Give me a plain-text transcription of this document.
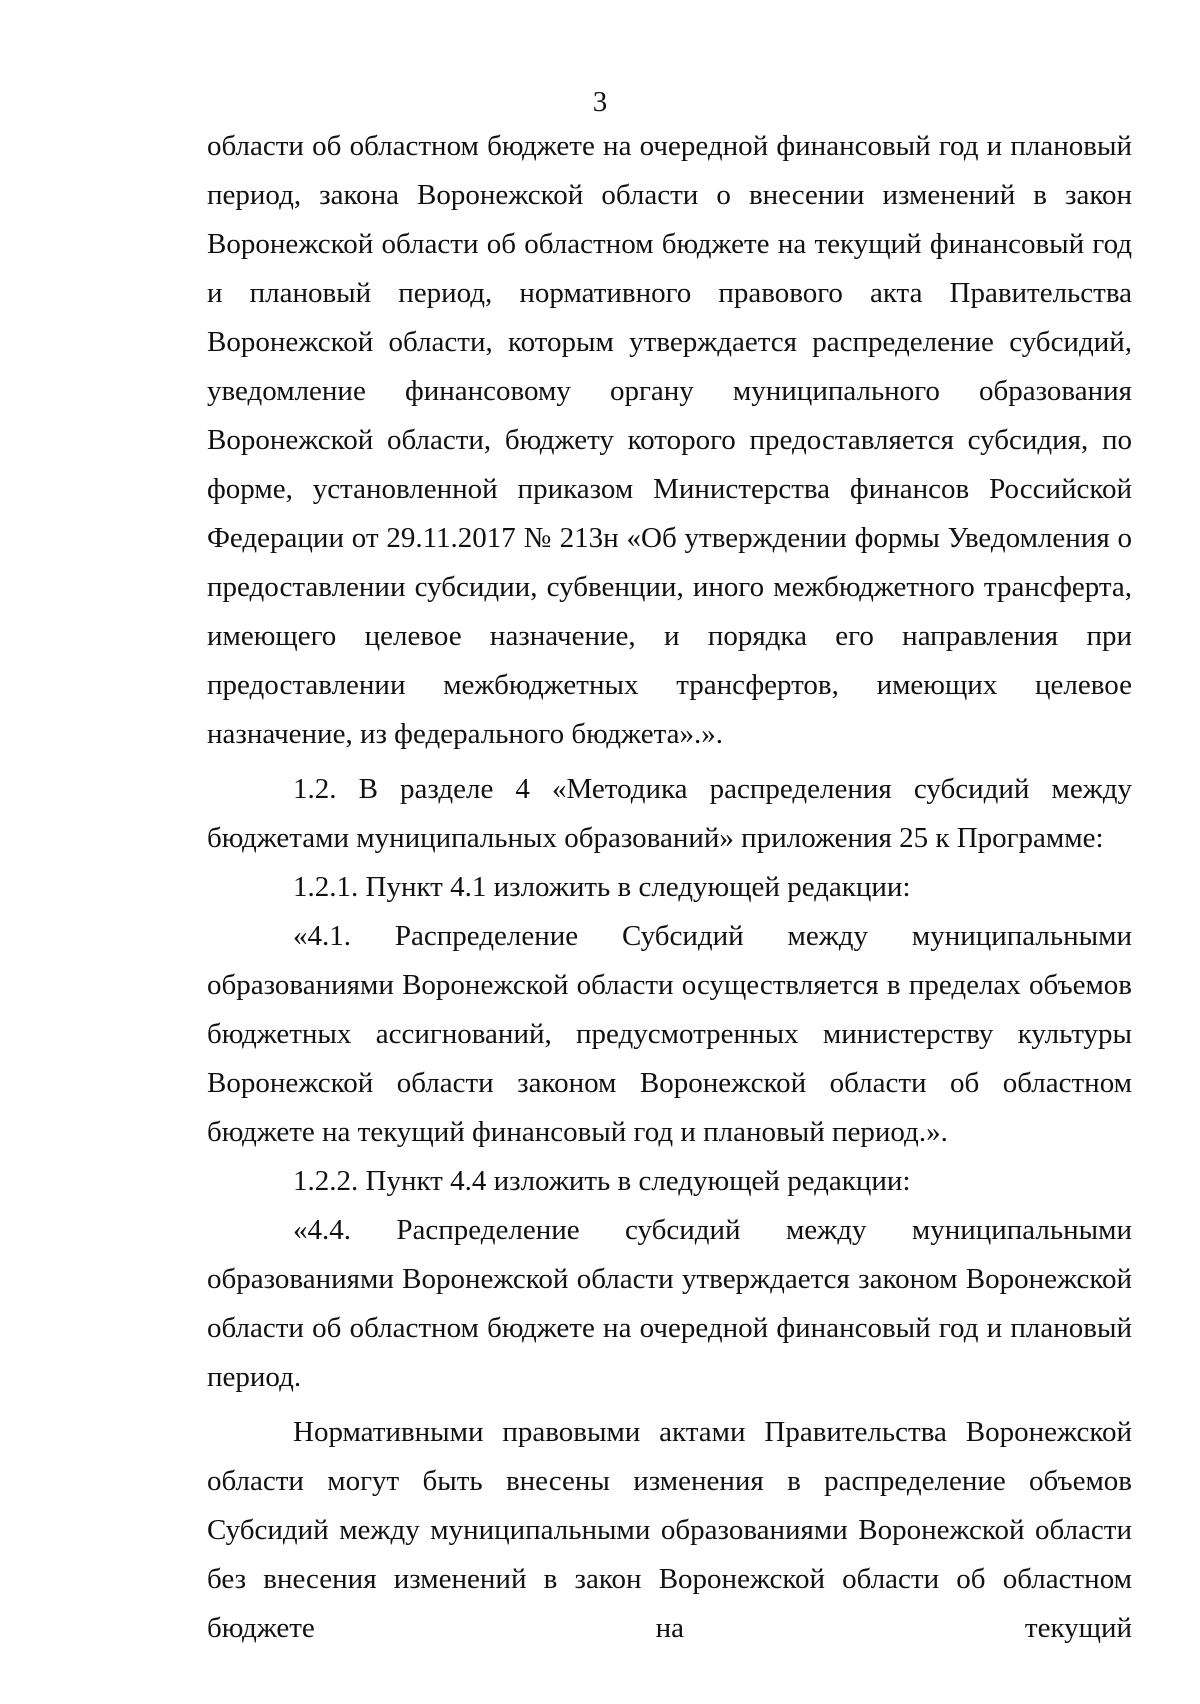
3

области об областном бюджете на очередной финансовый год и плановый период, закона Воронежской области о внесении изменений в закон Воронежской области об областном бюджете на текущий финансовый год и плановый период, нормативного правового акта Правительства Воронежской области, которым утверждается распределение субсидий, уведомление финансовому органу муниципального образования Воронежской области, бюджету которого предоставляется субсидия, по форме, установленной приказом Министерства финансов Российской Федерации от 29.11.2017 № 213н «Об утверждении формы Уведомления о предоставлении субсидии, субвенции, иного межбюджетного трансферта, имеющего целевое назначение, и порядка его направления при предоставлении межбюджетных трансфертов, имеющих целевое назначение, из федерального бюджета».».

1.2. В разделе 4 «Методика распределения субсидий между бюджетами муниципальных образований» приложения 25 к Программе:

1.2.1. Пункт 4.1 изложить в следующей редакции:

«4.1. Распределение Субсидий между муниципальными образованиями Воронежской области осуществляется в пределах объемов бюджетных ассигнований, предусмотренных министерству культуры Воронежской области законом Воронежской области об областном бюджете на текущий финансовый год и плановый период.».

1.2.2. Пункт 4.4 изложить в следующей редакции:

«4.4. Распределение субсидий между муниципальными образованиями Воронежской области утверждается законом Воронежской области об областном бюджете на очередной финансовый год и плановый период.

Нормативными правовыми актами Правительства Воронежской области могут быть внесены изменения в распределение объемов Субсидий между муниципальными образованиями Воронежской области без внесения изменений в закон Воронежской области об областном бюджете на текущий
